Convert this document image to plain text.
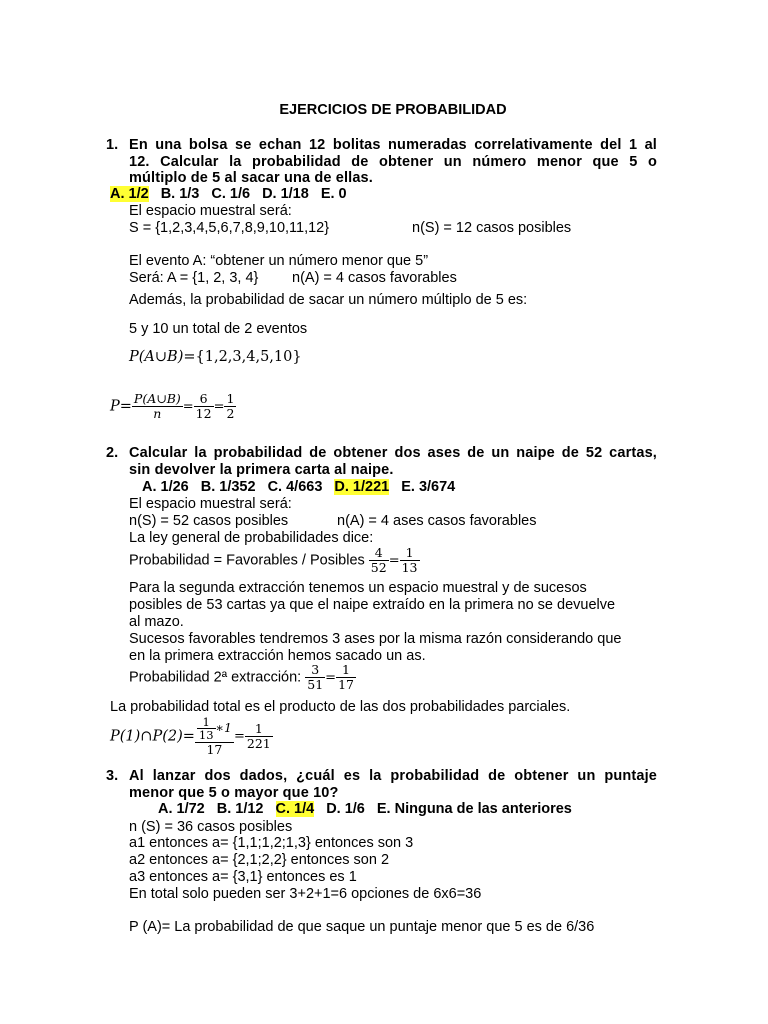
EJERCICIOS DE PROBABILIDAD
1. En una bolsa se echan 12 bolitas numeradas correlativamente del 1 al
12. Calcular la probabilidad de obtener un número menor que 5 o
múltiplo de 5 al sacar una de ellas.
A. 1/2 B. 1/3 C. 1/6 D. 1/18 E. 0
El espacio muestral será:
S = {1,2,3,4,5,6,7,8,9,10,11,12}	n(S) = 12 casos posibles
El evento A: “obtener un número menor que 5”
Será: A = {1, 2, 3, 4} n(A) = 4 casos favorables
Además, la probabilidad de sacar un número múltiplo de 5 es:
5 y 10 un total de 2 eventos
P(A∪B)={1,2,3,4,5,10}
$P= \frac{P(A\cup B)}{n} = \frac{6}{12} = \frac{1}{2}$
2. Calcular la probabilidad de obtener dos ases de un naipe de 52 cartas,
sin devolver la primera carta al naipe.
A. 1/26 B. 1/352 C. 4/663 D. 1/221 E. 3/674
El espacio muestral será:
n(S) = 52 casos posibles	n(A) = 4 ases casos favorables
La ley general de probabilidades dice:
Probabilidad = Favorables / Posibles $\frac{4}{52} = \frac{1}{13}$
Para la segunda extracción tenemos un espacio muestral y de sucesos
posibles de 53 cartas ya que el naipe extraído en la primera no se devuelve
al mazo.
Sucesos favorables tendremos 3 ases por la misma razón considerando que
en la primera extracción hemos sacado un as.
Probabilidad 2ª extracción: $\frac{3}{51} = \frac{1}{17}$
La probabilidad total es el producto de las dos probabilidades parciales.
P(1)∩P(2)= $\frac{\frac{1}{13} ∗1}{17} = \frac{1}{221}$
3. Al lanzar dos dados, ¿cuál es la probabilidad de obtener un puntaje
menor que 5 o mayor que 10?
A. 1/72 B. 1/12 C. 1/4 D. 1/6 E. Ninguna de las anteriores
n (S) = 36 casos posibles
a1 entonces a= {1,1;1,2;1,3} entonces son 3
a2 entonces a= {2,1;2,2} entonces son 2
a3 entonces a= {3,1} entonces es 1
En total solo pueden ser 3+2+1=6 opciones de 6x6=36
P (A)= La probabilidad de que saque un puntaje menor que 5 es de 6/36
